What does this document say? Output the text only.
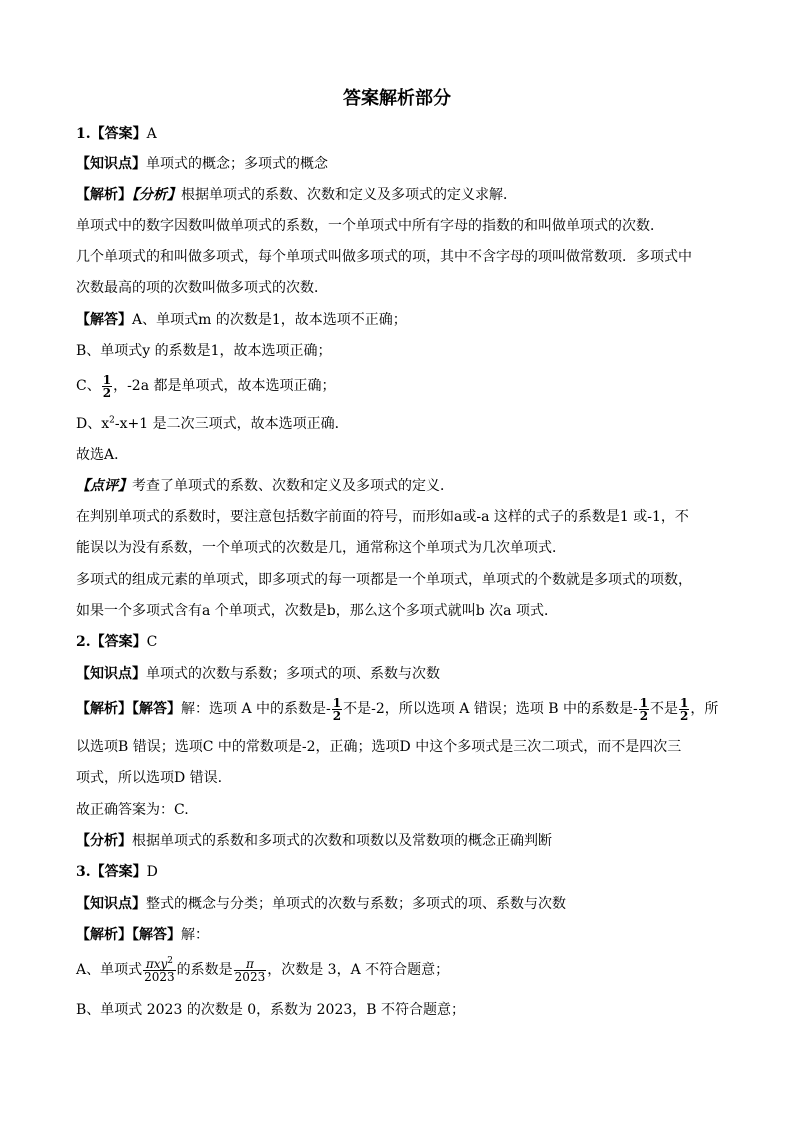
答案解析部分
1.【答案】A
【知识点】单项式的概念；多项式的概念
【解析】【分析】根据单项式的系数、次数和定义及多项式的定义求解．
单项式中的数字因数叫做单项式的系数，一个单项式中所有字母的指数的和叫做单项式的次数．
几个单项式的和叫做多项式，每个单项式叫做多项式的项，其中不含字母的项叫做常数项．多项式中
次数最高的项的次数叫做多项式的次数．
【解答】A、单项式m 的次数是1，故本选项不正确；
B、单项式y 的系数是1，故本选项正确；
C、 $\frac{1}{2}$ ，-2a 都是单项式，故本选项正确；
D、$x^2-x+1$ 是二次三项式，故本选项正确．
故选A．
【点评】考查了单项式的系数、次数和定义及多项式的定义．
在判别单项式的系数时，要注意包括数字前面的符号，而形如a或-a 这样的式子的系数是1 或-1，不
能误以为没有系数，一个单项式的次数是几，通常称这个单项式为几次单项式．
多项式的组成元素的单项式，即多项式的每一项都是一个单项式，单项式的个数就是多项式的项数，
如果一个多项式含有a 个单项式，次数是b，那么这个多项式就叫b 次a 项式．
2.【答案】C
【知识点】单项式的次数与系数；多项式的项、系数与次数
【解析】【解答】解：选项 A 中的系数是- $\frac{1}{2}$ 不是-2，所以选项 A 错误；选项 B 中的系数是- $\frac{1}{2}$ 不是 $\frac{1}{2}$ ，所
以选项B 错误；选项C 中的常数项是-2，正确；选项D 中这个多项式是三次二项式，而不是四次三
项式，所以选项D 错误.
故正确答案为：C.
【分析】根据单项式的系数和多项式的次数和项数以及常数项的概念正确判断
3.【答案】D
【知识点】整式的概念与分类；单项式的次数与系数；多项式的项、系数与次数
【解析】【解答】解：
A、单项式 $\frac{\pi xy^2}{2023}$ 的系数是 $\frac{\pi}{2023}$ ，次数是 3，A 不符合题意；
B、单项式 2023 的次数是 0，系数为 2023，B 不符合题意；
